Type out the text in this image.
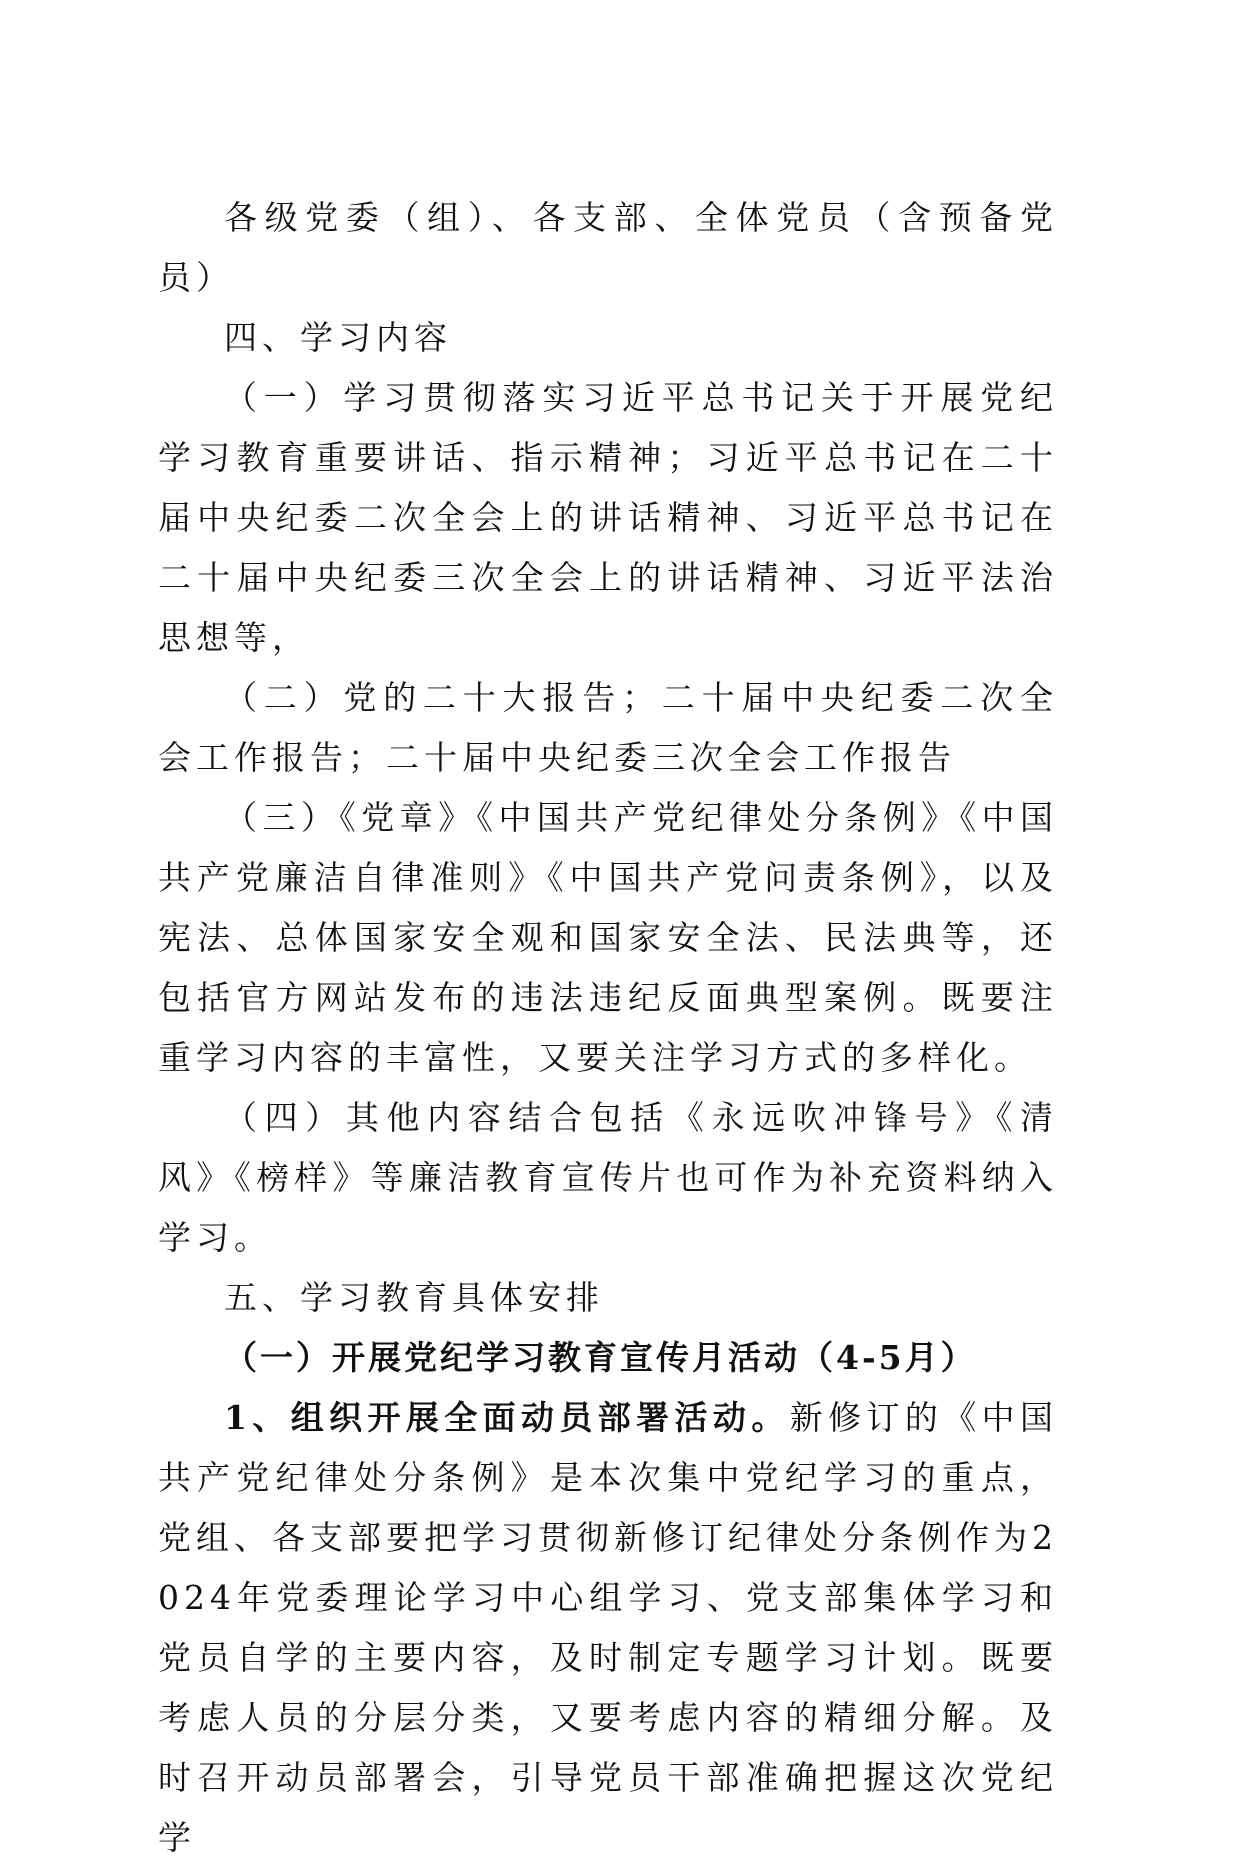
各级党委（组）、各支部、全体党员（含预备党员）

四、学习内容

（一）学习贯彻落实习近平总书记关于开展党纪学习教育重要讲话、指示精神；习近平总书记在二十届中央纪委二次全会上的讲话精神、习近平总书记在二十届中央纪委三次全会上的讲话精神、习近平法治思想等，

（二）党的二十大报告；二十届中央纪委二次全会工作报告；二十届中央纪委三次全会工作报告

（三）《党章》《中国共产党纪律处分条例》《中国共产党廉洁自律准则》《中国共产党问责条例》，以及宪法、总体国家安全观和国家安全法、民法典等，还包括官方网站发布的违法违纪反面典型案例。既要注重学习内容的丰富性，又要关注学习方式的多样化。

（四）其他内容结合包括《永远吹冲锋号》《清风》《榜样》等廉洁教育宣传片也可作为补充资料纳入学习。

五、学习教育具体安排

（一）开展党纪学习教育宣传月活动（4-5月）

1、组织开展全面动员部署活动。新修订的《中国共产党纪律处分条例》是本次集中党纪学习的重点，党组、各支部要把学习贯彻新修订纪律处分条例作为2024年党委理论学习中心组学习、党支部集体学习和党员自学的主要内容，及时制定专题学习计划。既要考虑人员的分层分类，又要考虑内容的精细分解。及时召开动员部署会，引导党员干部准确把握这次党纪学
